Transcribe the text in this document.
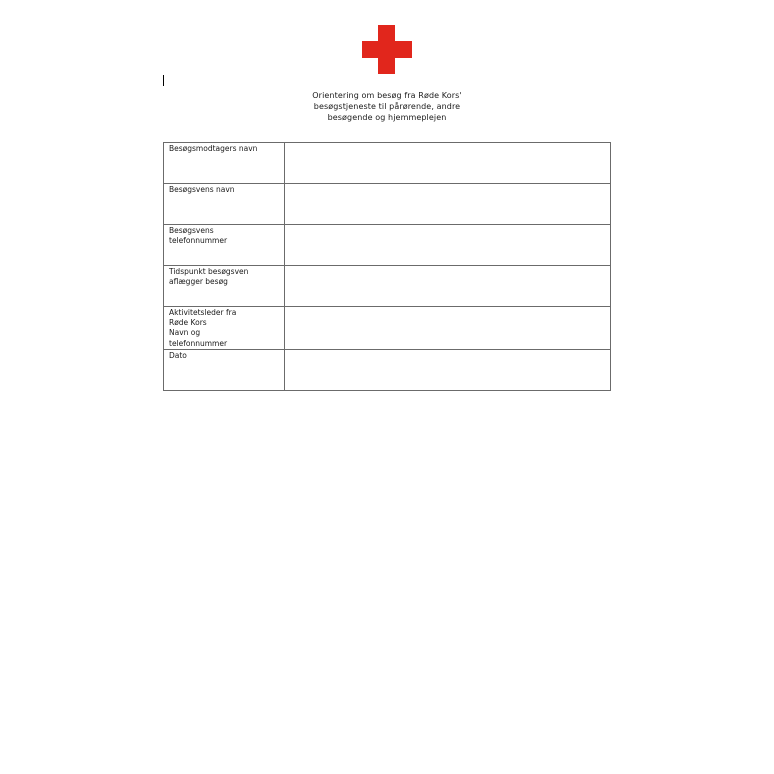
Orientering om besøg fra Røde Kors'
besøgstjeneste til pårørende, andre
besøgende og hjemmeplejen
Besøgsmodtagers navn	

Besøgsvens navn	

Besøgsvens
telefonnummer	

Tidspunkt besøgsven
aflægger besøg	

Aktivitetsleder fra
Røde Kors
Navn og
telefonnummer	

Dato	
